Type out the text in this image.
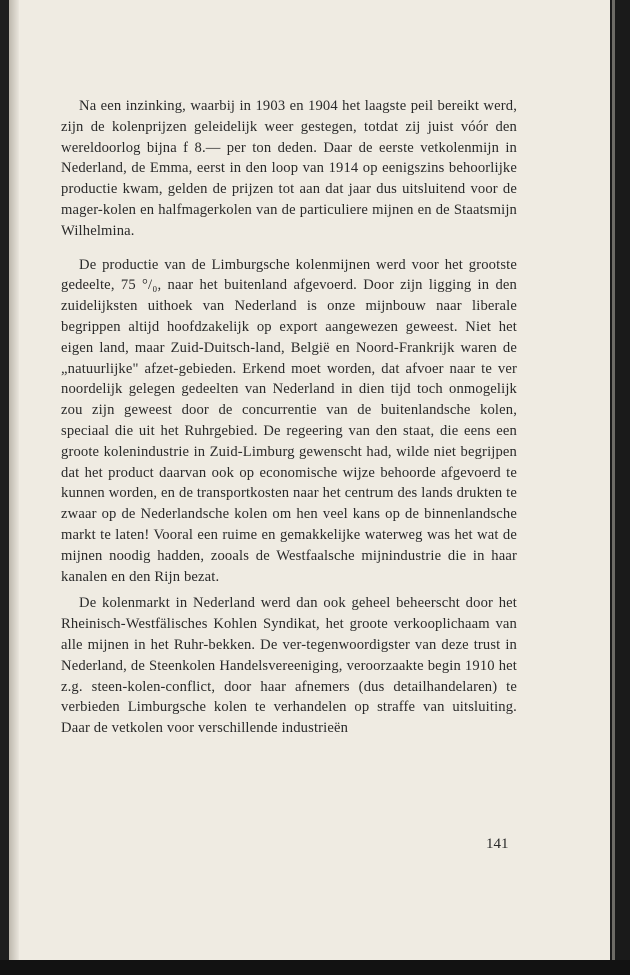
Na een inzinking, waarbij in 1903 en 1904 het laagste peil bereikt werd, zijn de kolenprijzen geleidelijk weer gestegen, totdat zij juist vóór den wereldoorlog bijna f 8.— per ton deden. Daar de eerste vetkolenmijn in Nederland, de Emma, eerst in den loop van 1914 op eenigszins behoorlijke productie kwam, gelden de prijzen tot aan dat jaar dus uitsluitend voor de mager-kolen en halfmagerkolen van de particuliere mijnen en de Staatsmijn Wilhelmina.

De productie van de Limburgsche kolenmijnen werd voor het grootste gedeelte, 75 °/₀, naar het buitenland afgevoerd. Door zijn ligging in den zuidelijksten uithoek van Nederland is onze mijnbouw naar liberale begrippen altijd hoofdzakelijk op export aangewezen geweest. Niet het eigen land, maar Zuid-Duitsch-land, België en Noord-Frankrijk waren de „natuurlijke" afzet-gebieden. Erkend moet worden, dat afvoer naar te ver noordelijk gelegen gedeelten van Nederland in dien tijd toch onmogelijk zou zijn geweest door de concurrentie van de buitenlandsche kolen, speciaal die uit het Ruhrgebied. De regeering van den staat, die eens een groote kolenindustrie in Zuid-Limburg gewenscht had, wilde niet begrijpen dat het product daarvan ook op economische wijze behoorde afgevoerd te kunnen worden, en de transportkosten naar het centrum des lands drukten te zwaar op de Nederlandsche kolen om hen veel kans op de binnenlandsche markt te laten! Vooral een ruime en gemakkelijke waterweg was het wat de mijnen noodig hadden, zooals de Westfaalsche mijnindustrie die in haar kanalen en den Rijn bezat.

De kolenmarkt in Nederland werd dan ook geheel beheerscht door het Rheinisch-Westfälisches Kohlen Syndikat, het groote verkooplichaam van alle mijnen in het Ruhr-bekken. De ver-tegenwoordigster van deze trust in Nederland, de Steenkolen Handelsvereeniging, veroorzaakte begin 1910 het z.g. steen-kolen-conflict, door haar afnemers (dus detailhandelaren) te verbieden Limburgsche kolen te verhandelen op straffe van uitsluiting. Daar de vetkolen voor verschillende industrieën

141
